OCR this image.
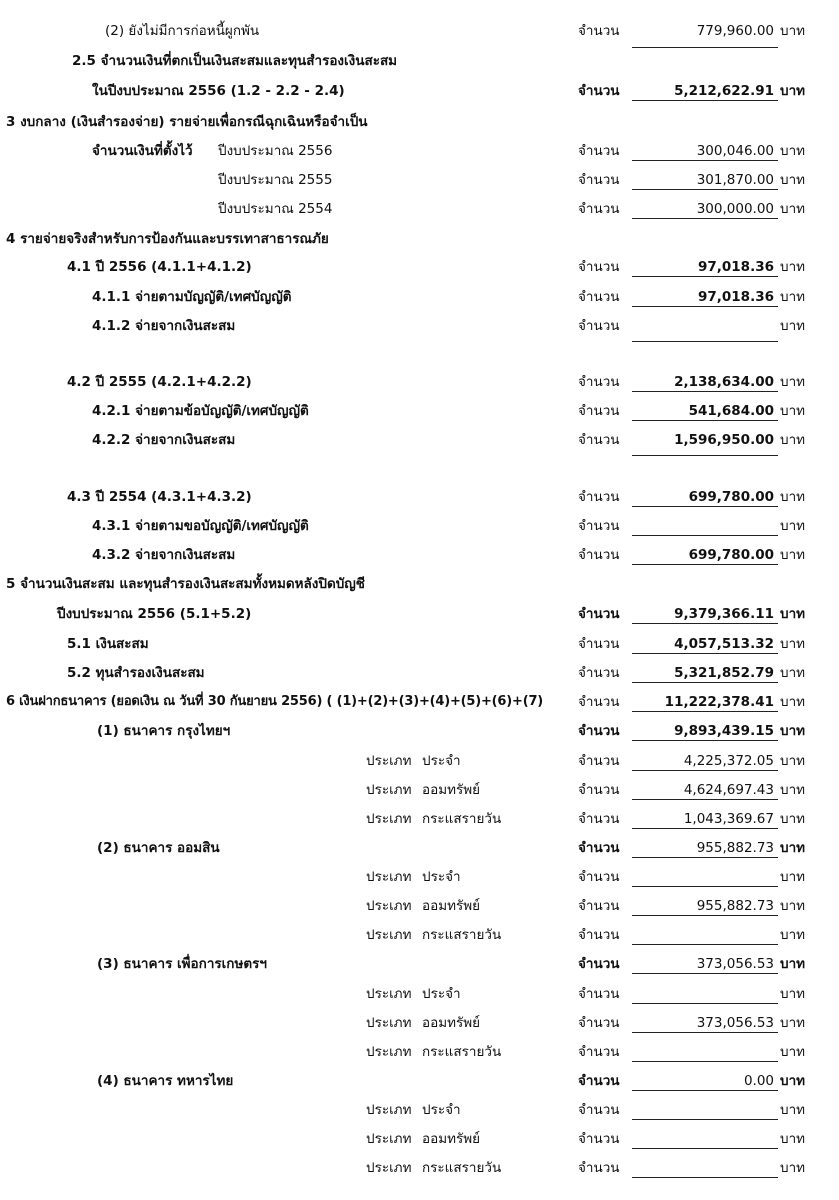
(2) ยังไม่มีการก่อหนี้ผูกพัน	จำนวน	779,960.00 บาท
2.5 จำนวนเงินที่ตกเป็นเงินสะสมและทุนสำรองเงินสะสม
ในปีงบประมาณ 2556 (1.2 - 2.2 - 2.4)	จำนวน	5,212,622.91 บาท
3 งบกลาง (เงินสำรองจ่าย) รายจ่ายเพื่อกรณีฉุกเฉินหรือจำเป็น
จำนวนเงินที่ตั้งไว้ ปีงบประมาณ 2556	จำนวน	300,046.00 บาท
ปีงบประมาณ 2555	จำนวน	301,870.00 บาท
ปีงบประมาณ 2554	จำนวน	300,000.00 บาท
4 รายจ่ายจริงสำหรับการป้องกันและบรรเทาสาธารณภัย
4.1 ปี 2556 (4.1.1+4.1.2)	จำนวน	97,018.36 บาท
4.1.1 จ่ายตามบัญญัติ/เทศบัญญัติ	จำนวน	97,018.36 บาท
4.1.2 จ่ายจากเงินสะสม	จำนวน	บาท
4.2 ปี 2555 (4.2.1+4.2.2)	จำนวน	2,138,634.00 บาท
4.2.1 จ่ายตามข้อบัญญัติ/เทศบัญญัติ	จำนวน	541,684.00 บาท
4.2.2 จ่ายจากเงินสะสม	จำนวน	1,596,950.00 บาท
4.3 ปี 2554 (4.3.1+4.3.2)	จำนวน	699,780.00 บาท
4.3.1 จ่ายตามขอบัญญัติ/เทศบัญญัติ	จำนวน	บาท
4.3.2 จ่ายจากเงินสะสม	จำนวน	699,780.00 บาท
5 จำนวนเงินสะสม และทุนสำรองเงินสะสมทั้งหมดหลังปิดบัญชี
ปีงบประมาณ 2556 (5.1+5.2)	จำนวน	9,379,366.11 บาท
5.1 เงินสะสม	จำนวน	4,057,513.32 บาท
5.2 ทุนสำรองเงินสะสม	จำนวน	5,321,852.79 บาท
6 เงินฝากธนาคาร (ยอดเงิน ณ วันที่ 30 กันยายน 2556) ( (1)+(2)+(3)+(4)+(5)+(6)+(7)	จำนวน	11,222,378.41 บาท
(1) ธนาคาร กรุงไทยฯ	จำนวน	9,893,439.15 บาท
ประเภท ประจำ	จำนวน	4,225,372.05 บาท
ประเภท ออมทรัพย์	จำนวน	4,624,697.43 บาท
ประเภท กระแสรายวัน	จำนวน	1,043,369.67 บาท
(2) ธนาคาร ออมสิน	จำนวน	955,882.73 บาท
ประเภท ประจำ	จำนวน	บาท
ประเภท ออมทรัพย์	จำนวน	955,882.73 บาท
ประเภท กระแสรายวัน	จำนวน	บาท
(3) ธนาคาร เพื่อการเกษตรฯ	จำนวน	373,056.53 บาท
ประเภท ประจำ	จำนวน	บาท
ประเภท ออมทรัพย์	จำนวน	373,056.53 บาท
ประเภท กระแสรายวัน	จำนวน	บาท
(4) ธนาคาร ทหารไทย	จำนวน	0.00 บาท
ประเภท ประจำ	จำนวน	บาท
ประเภท ออมทรัพย์	จำนวน	บาท
ประเภท กระแสรายวัน	จำนวน	บาท
